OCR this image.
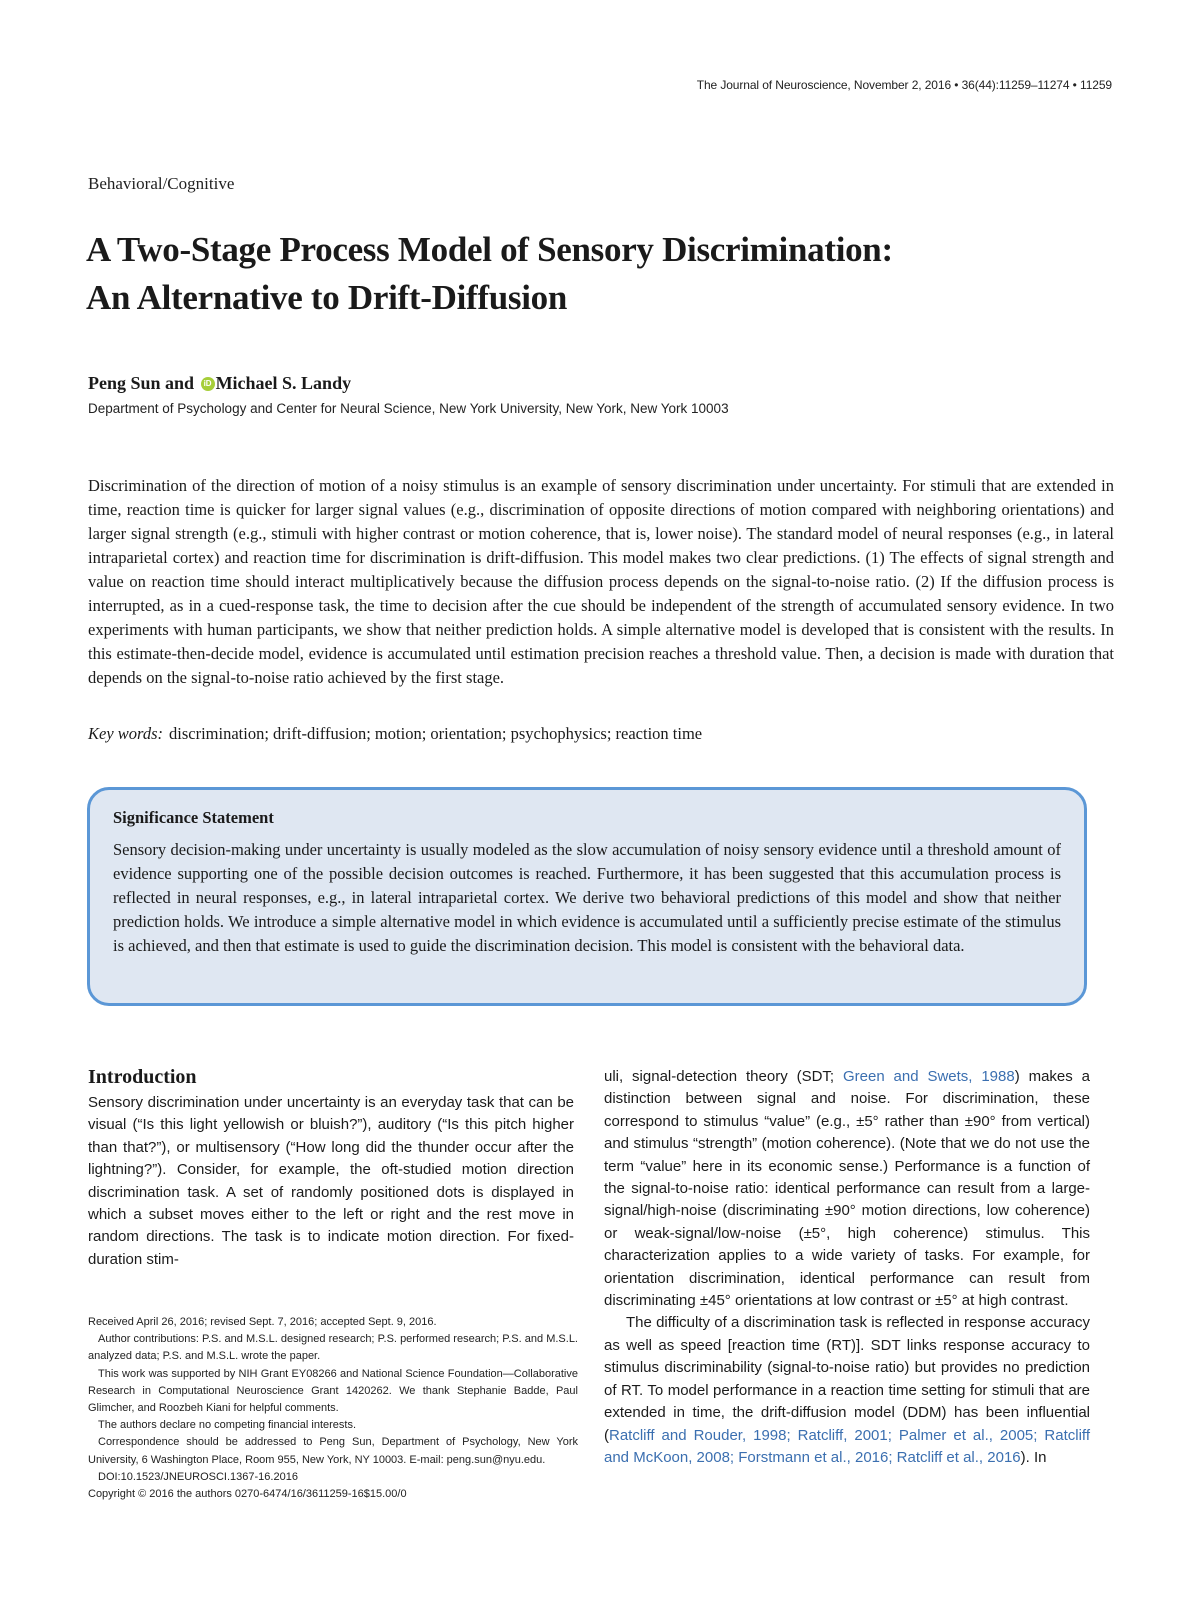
The Journal of Neuroscience, November 2, 2016 • 36(44):11259–11274 • 11259
Behavioral/Cognitive
A Two-Stage Process Model of Sensory Discrimination:
An Alternative to Drift-Diffusion
Peng Sun and iD Michael S. Landy
Department of Psychology and Center for Neural Science, New York University, New York, New York 10003
Discrimination of the direction of motion of a noisy stimulus is an example of sensory discrimination under uncertainty. For stimuli that are extended in time, reaction time is quicker for larger signal values (e.g., discrimination of opposite directions of motion compared with neighboring orientations) and larger signal strength (e.g., stimuli with higher contrast or motion coherence, that is, lower noise). The standard model of neural responses (e.g., in lateral intraparietal cortex) and reaction time for discrimination is drift-diffusion. This model makes two clear predictions. (1) The effects of signal strength and value on reaction time should interact multiplicatively because the diffusion process depends on the signal-to-noise ratio. (2) If the diffusion process is interrupted, as in a cued-response task, the time to decision after the cue should be independent of the strength of accumulated sensory evidence. In two experiments with human participants, we show that neither prediction holds. A simple alternative model is developed that is consistent with the results. In this estimate-then-decide model, evidence is accumulated until estimation precision reaches a threshold value. Then, a decision is made with duration that depends on the signal-to-noise ratio achieved by the first stage.
Key words: discrimination; drift-diffusion; motion; orientation; psychophysics; reaction time
Significance Statement
Sensory decision-making under uncertainty is usually modeled as the slow accumulation of noisy sensory evidence until a threshold amount of evidence supporting one of the possible decision outcomes is reached. Furthermore, it has been suggested that this accumulation process is reflected in neural responses, e.g., in lateral intraparietal cortex. We derive two behavioral predictions of this model and show that neither prediction holds. We introduce a simple alternative model in which evidence is accumulated until a sufficiently precise estimate of the stimulus is achieved, and then that estimate is used to guide the discrimination decision. This model is consistent with the behavioral data.
Introduction

Sensory discrimination under uncertainty is an everyday task that can be visual (“Is this light yellowish or bluish?”), auditory (“Is this pitch higher than that?”), or multisensory (“How long did the thunder occur after the lightning?”). Consider, for example, the oft-studied motion direction discrimination task. A set of randomly positioned dots is displayed in which a subset moves either to the left or right and the rest move in random directions. The task is to indicate motion direction. For fixed-duration stim-

uli, signal-detection theory (SDT; Green and Swets, 1988) makes a distinction between signal and noise. For discrimination, these correspond to stimulus “value” (e.g., ±5° rather than ±90° from vertical) and stimulus “strength” (motion coherence). (Note that we do not use the term “value” here in its economic sense.) Performance is a function of the signal-to-noise ratio: identical performance can result from a large-signal/high-noise (discriminating ±90° motion directions, low coherence) or weak-signal/low-noise (±5°, high coherence) stimulus. This characterization applies to a wide variety of tasks. For example, for orientation discrimination, identical performance can result from discriminating ±45° orientations at low contrast or ±5° at high contrast.

The difficulty of a discrimination task is reflected in response accuracy as well as speed [reaction time (RT)]. SDT links response accuracy to stimulus discriminability (signal-to-noise ratio) but provides no prediction of RT. To model performance in a reaction time setting for stimuli that are extended in time, the drift-diffusion model (DDM) has been influential (Ratcliff and Rouder, 1998; Ratcliff, 2001; Palmer et al., 2005; Ratcliff and McKoon, 2008; Forstmann et al., 2016; Ratcliff et al., 2016). In

Received April 26, 2016; revised Sept. 7, 2016; accepted Sept. 9, 2016.

Author contributions: P.S. and M.S.L. designed research; P.S. performed research; P.S. and M.S.L. analyzed data; P.S. and M.S.L. wrote the paper.

This work was supported by NIH Grant EY08266 and National Science Foundation—Collaborative Research in Computational Neuroscience Grant 1420262. We thank Stephanie Badde, Paul Glimcher, and Roozbeh Kiani for helpful comments.

The authors declare no competing financial interests.

Correspondence should be addressed to Peng Sun, Department of Psychology, New York University, 6 Washington Place, Room 955, New York, NY 10003. E-mail: peng.sun@nyu.edu.

DOI:10.1523/JNEUROSCI.1367-16.2016

Copyright © 2016 the authors 0270-6474/16/3611259-16$15.00/0
